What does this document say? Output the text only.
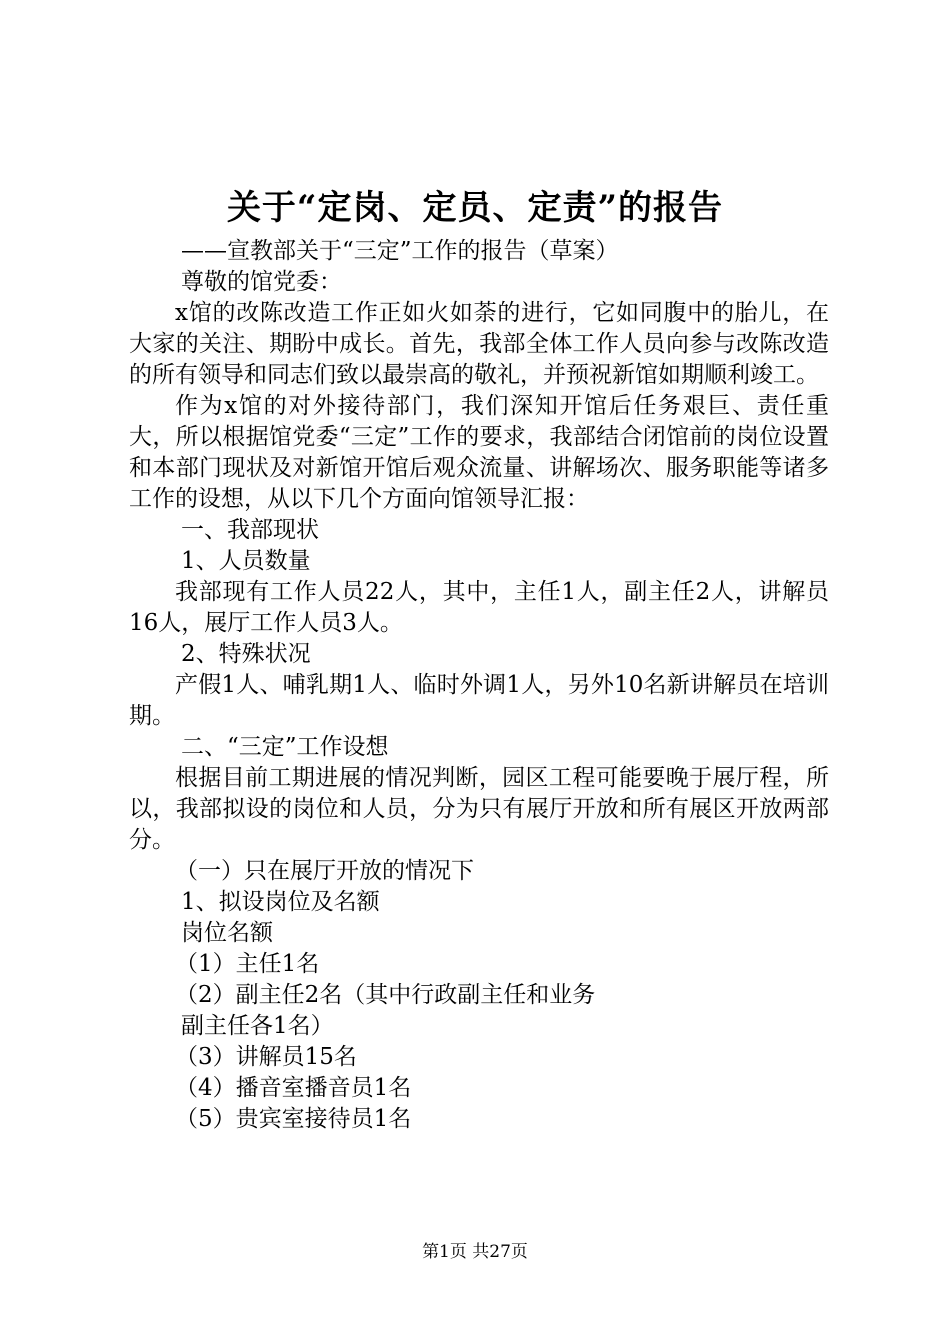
关于“定岗、定员、定责”的报告
——宣教部关于“三定”工作的报告（草案）
尊敬的馆党委：

x馆的改陈改造工作正如火如荼的进行，它如同腹中的胎儿，在大家的关注、期盼中成长。首先，我部全体工作人员向参与改陈改造的所有领导和同志们致以最崇高的敬礼，并预祝新馆如期顺利竣工。

作为x馆的对外接待部门，我们深知开馆后任务艰巨、责任重大，所以根据馆党委“三定”工作的要求，我部结合闭馆前的岗位设置和本部门现状及对新馆开馆后观众流量、讲解场次、服务职能等诸多工作的设想，从以下几个方面向馆领导汇报：

一、我部现状
1、人员数量

我部现有工作人员22人，其中，主任1人，副主任2人，讲解员16人，展厅工作人员3人。

2、特殊状况

产假1人、哺乳期1人、临时外调1人，另外10名新讲解员在培训期。

二、“三定”工作设想

根据目前工期进展的情况判断，园区工程可能要晚于展厅程，所以，我部拟设的岗位和人员，分为只有展厅开放和所有展区开放两部分。

（一）只在展厅开放的情况下
1、拟设岗位及名额
岗位名额
（1）主任1名
（2）副主任2名（其中行政副主任和业务
副主任各1名）
（3）讲解员15名
（4）播音室播音员1名
（5）贵宾室接待员1名
第1页 共27页
